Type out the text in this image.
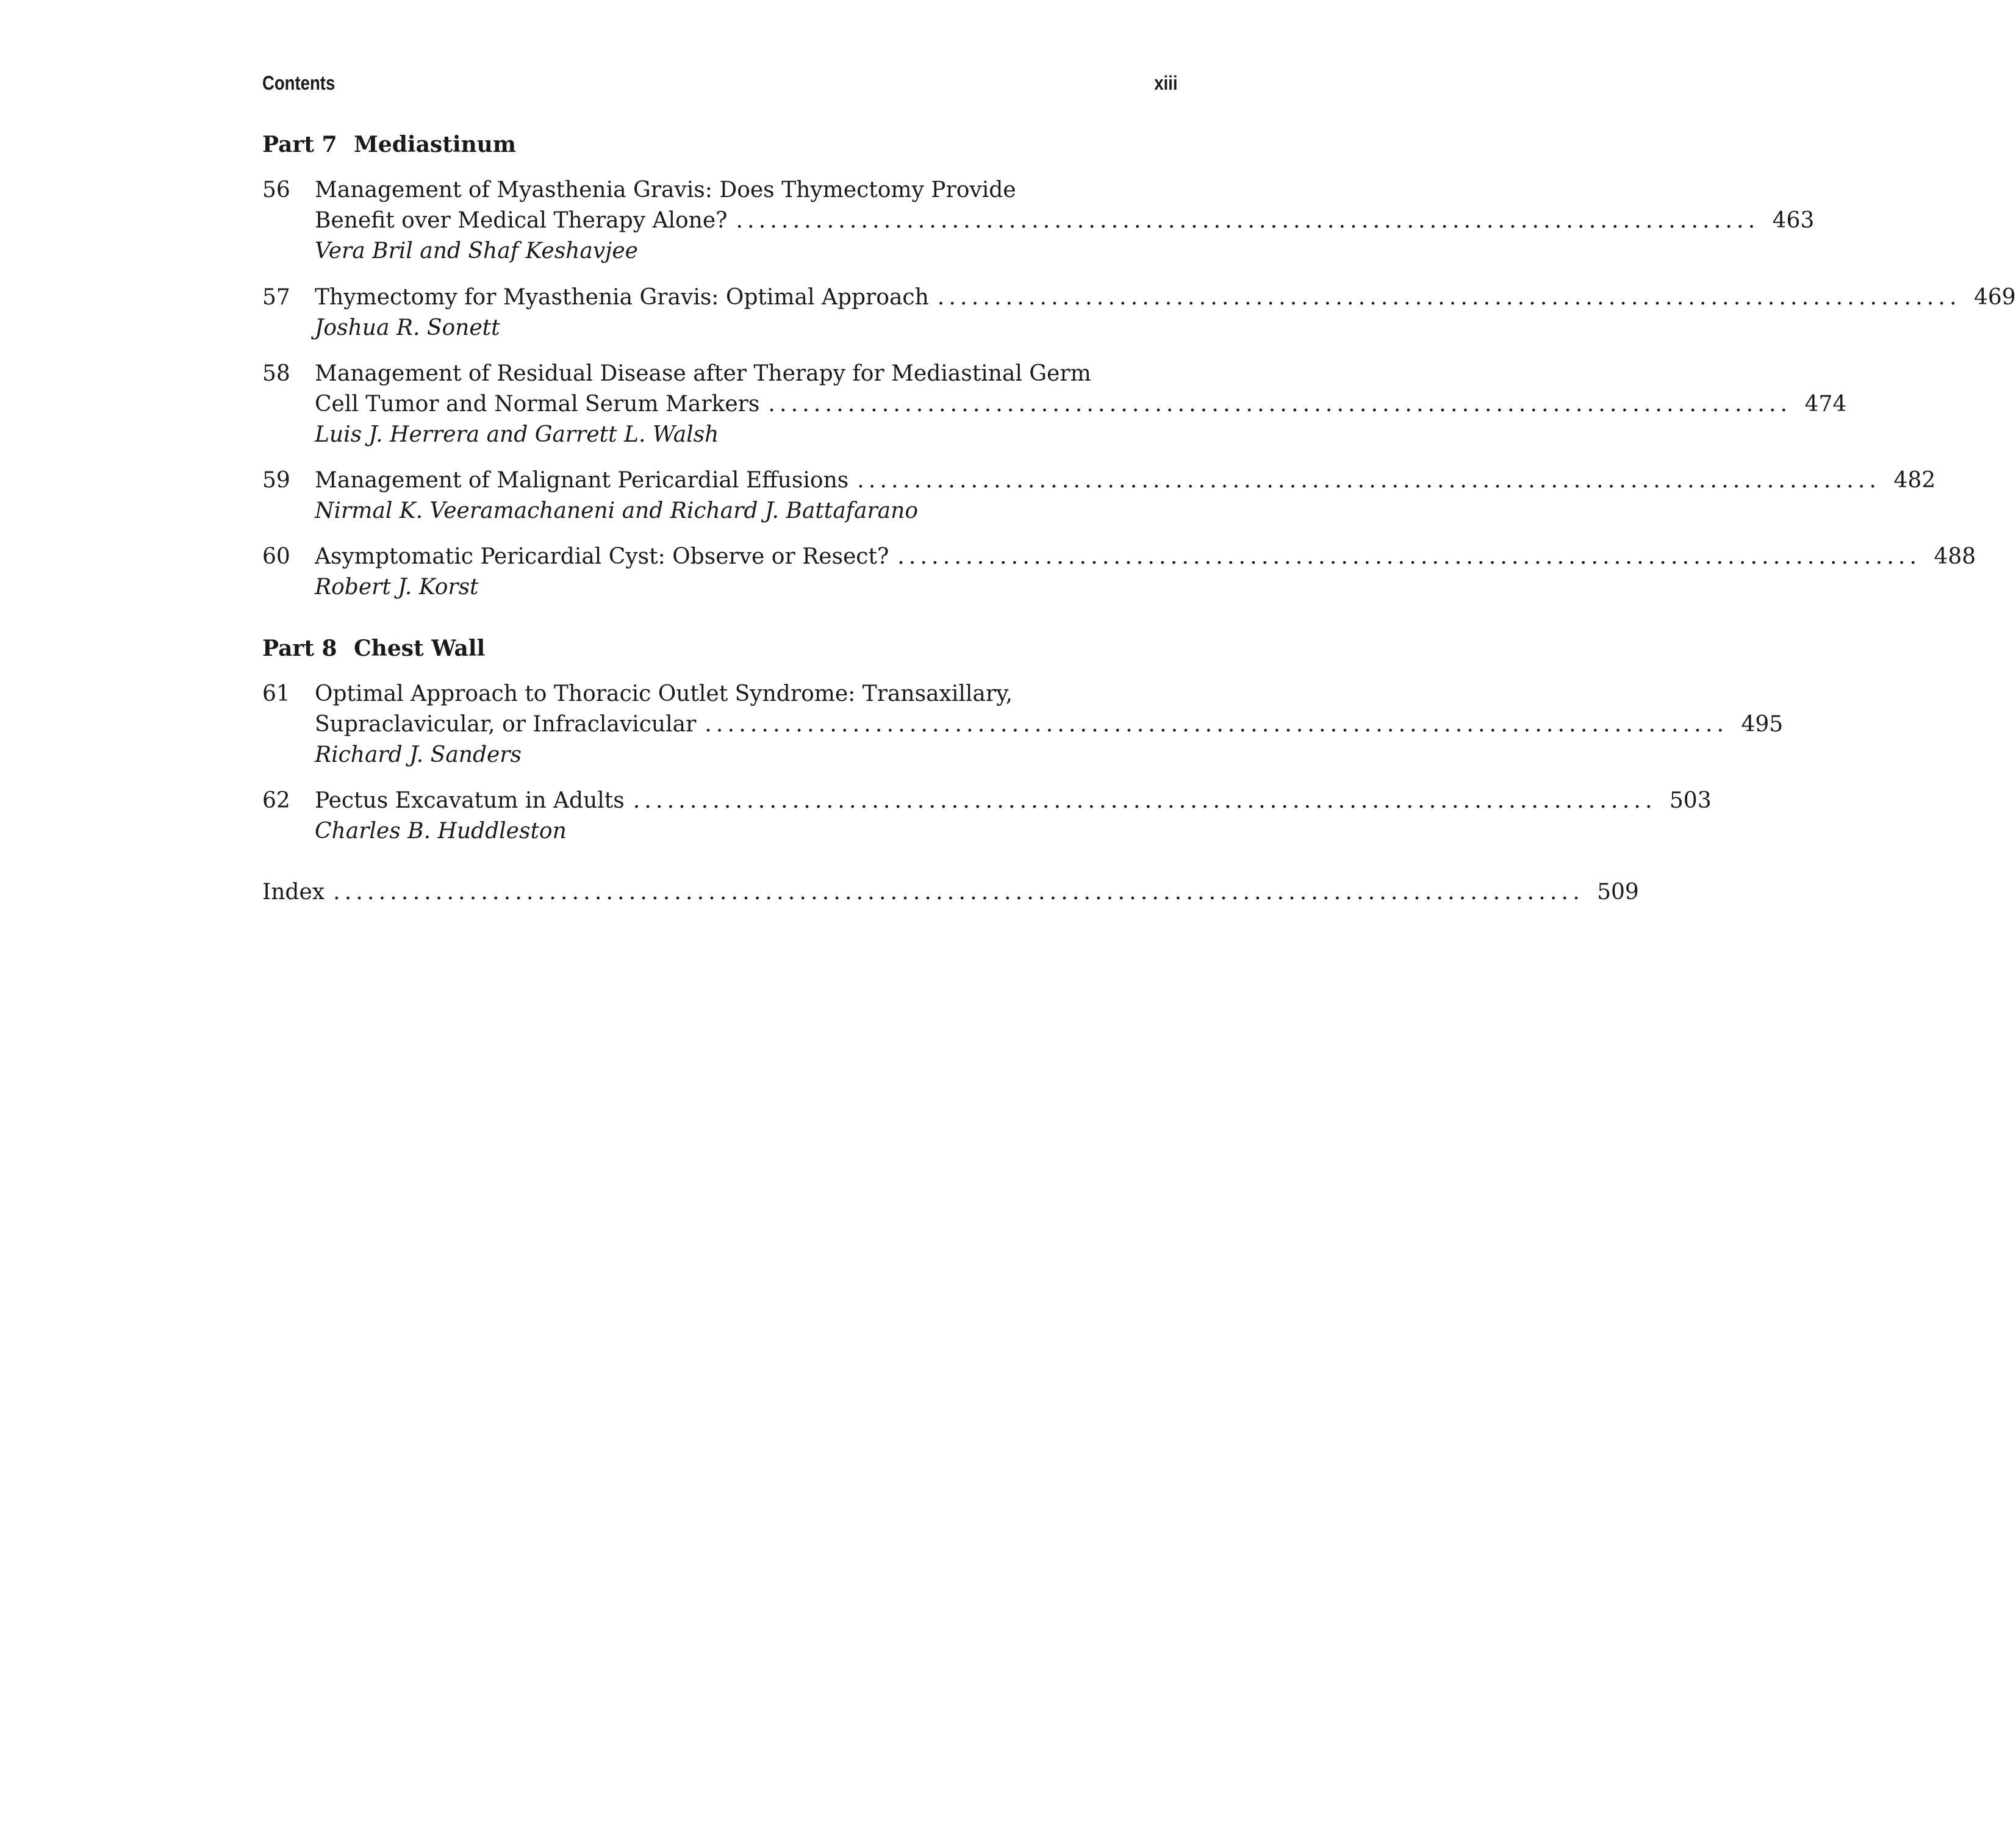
Contents	xiii
Part 7 Mediastinum
56 Management of Myasthenia Gravis: Does Thymectomy Provide
Benefit over Medical Therapy Alone? .......................................................................................... 463
Vera Bril and Shaf Keshavjee
57 Thymectomy for Myasthenia Gravis: Optimal Approach .......................................................................................... 469
Joshua R. Sonett
58 Management of Residual Disease after Therapy for Mediastinal Germ
Cell Tumor and Normal Serum Markers .......................................................................................... 474
Luis J. Herrera and Garrett L. Walsh
59 Management of Malignant Pericardial Effusions .......................................................................................... 482
Nirmal K. Veeramachaneni and Richard J. Battafarano
60 Asymptomatic Pericardial Cyst: Observe or Resect? .......................................................................................... 488
Robert J. Korst
Part 8 Chest Wall
61 Optimal Approach to Thoracic Outlet Syndrome: Transaxillary,
Supraclavicular, or Infraclavicular .......................................................................................... 495
Richard J. Sanders
62 Pectus Excavatum in Adults .......................................................................................... 503
Charles B. Huddleston
Index .............................................................................................................. 509
